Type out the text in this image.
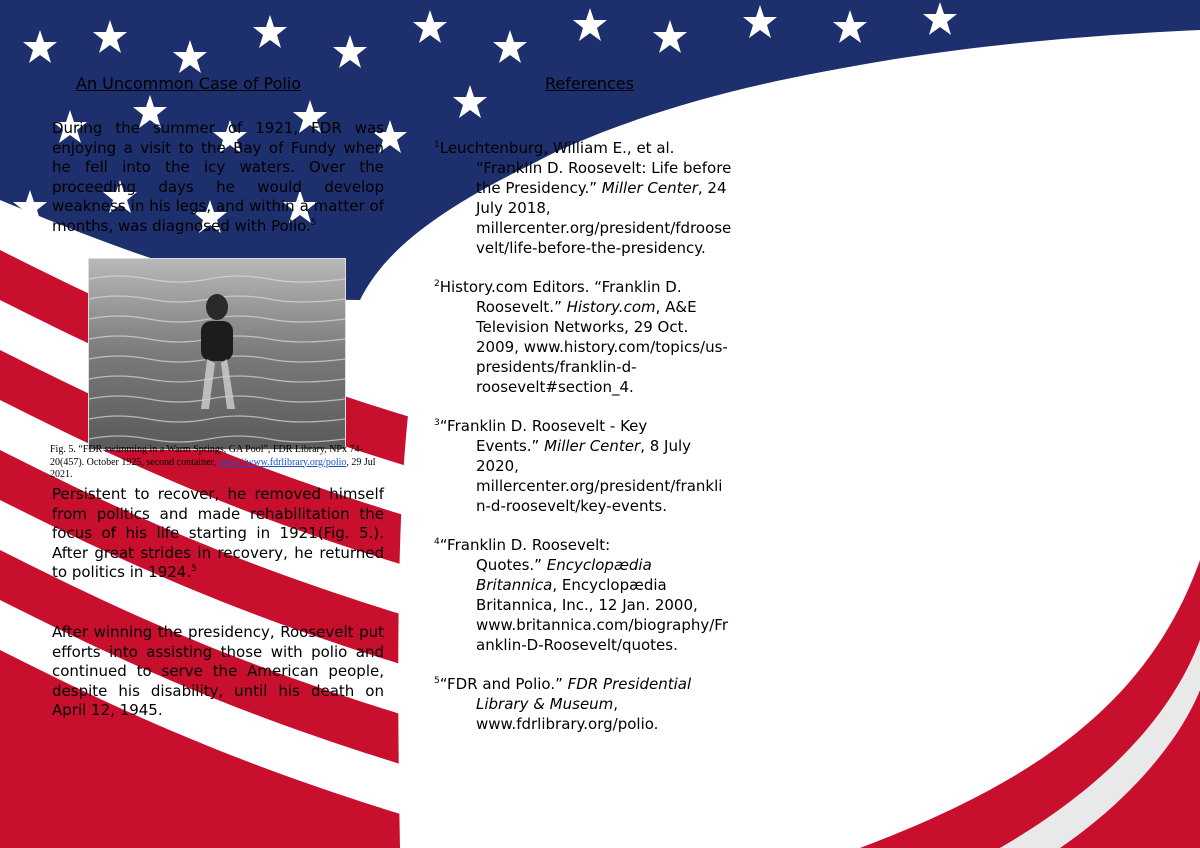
An Uncommon Case of Polio

During the summer of 1921, FDR was enjoying a visit to the Bay of Fundy when he fell into the icy waters. Over the proceeding days he would develop weakness in his legs, and within a matter of months, was diagnosed with Polio.$^5$

Fig. 5. “FDR swimming in a Warm Springs, GA Pool”, FDR Library, NPx 74-20(457). October 1925, second container, https://www.fdrlibrary.org/polio, 29 Jul 2021.

Persistent to recover, he removed himself from politics and made rehabilitation the focus of his life starting in 1921(Fig. 5.). After great strides in recovery, he returned to politics in 1924.$^5$

After winning the presidency, Roosevelt put efforts into assisting those with polio and continued to serve the American people, despite his disability, until his death on April 12, 1945.

References

$^1$Leuchtenburg, William E., et al.
“Franklin D. Roosevelt: Life before
the Presidency.” Miller Center, 24
July 2018,
millercenter.org/president/fdroose
velt/life-before-the-presidency.

$^2$History.com Editors. “Franklin D.
Roosevelt.” History.com, A&E
Television Networks, 29 Oct.
2009, www.history.com/topics/us-
presidents/franklin-d-
roosevelt#section_4.

$^3$“Franklin D. Roosevelt - Key
Events.” Miller Center, 8 July
2020,
millercenter.org/president/frankli
n-d-roosevelt/key-events.

$^4$“Franklin D. Roosevelt:
Quotes.” Encyclopædia
Britannica, Encyclopædia
Britannica, Inc., 12 Jan. 2000,
www.britannica.com/biography/Fr
anklin-D-Roosevelt/quotes.

$^5$“FDR and Polio.” FDR Presidential
Library & Museum,
www.fdrlibrary.org/polio.
